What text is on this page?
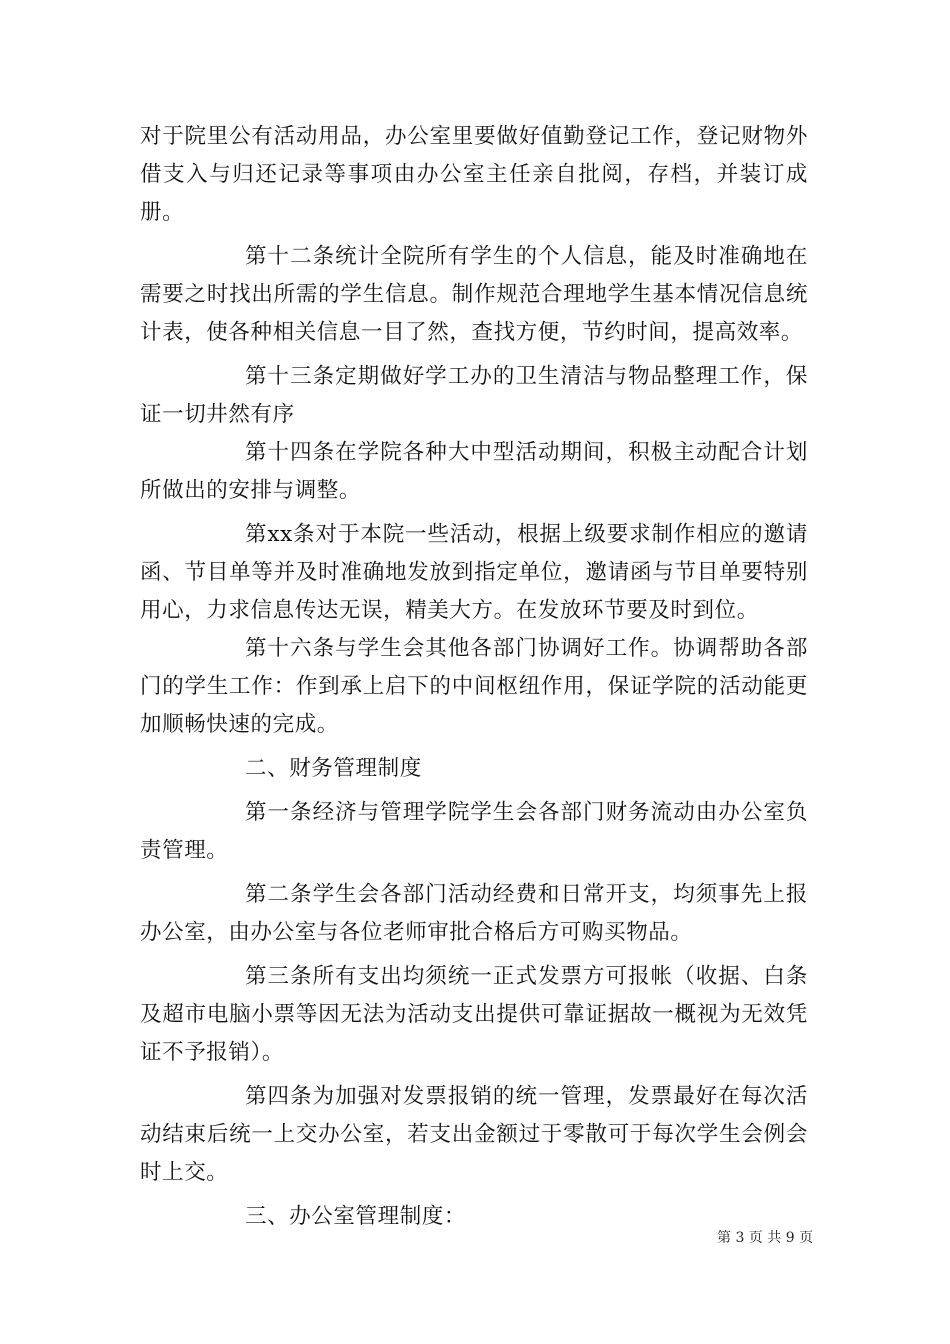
对于院里公有活动用品，办公室里要做好值勤登记工作，登记财物外借支入与归还记录等事项由办公室主任亲自批阅，存档，并装订成册。

第十二条统计全院所有学生的个人信息，能及时准确地在需要之时找出所需的学生信息。制作规范合理地学生基本情况信息统计表，使各种相关信息一目了然，查找方便，节约时间，提高效率。

第十三条定期做好学工办的卫生清洁与物品整理工作，保证一切井然有序

第十四条在学院各种大中型活动期间，积极主动配合计划所做出的安排与调整。

第xx条对于本院一些活动，根据上级要求制作相应的邀请函、节目单等并及时准确地发放到指定单位，邀请函与节目单要特别用心，力求信息传达无误，精美大方。在发放环节要及时到位。

第十六条与学生会其他各部门协调好工作。协调帮助各部门的学生工作：作到承上启下的中间枢纽作用，保证学院的活动能更加顺畅快速的完成。

二、财务管理制度

第一条经济与管理学院学生会各部门财务流动由办公室负责管理。

第二条学生会各部门活动经费和日常开支，均须事先上报办公室，由办公室与各位老师审批合格后方可购买物品。

第三条所有支出均须统一正式发票方可报帐（收据、白条及超市电脑小票等因无法为活动支出提供可靠证据故一概视为无效凭证不予报销）。

第四条为加强对发票报销的统一管理，发票最好在每次活动结束后统一上交办公室，若支出金额过于零散可于每次学生会例会时上交。

三、办公室管理制度：

第 3 页 共 9 页
